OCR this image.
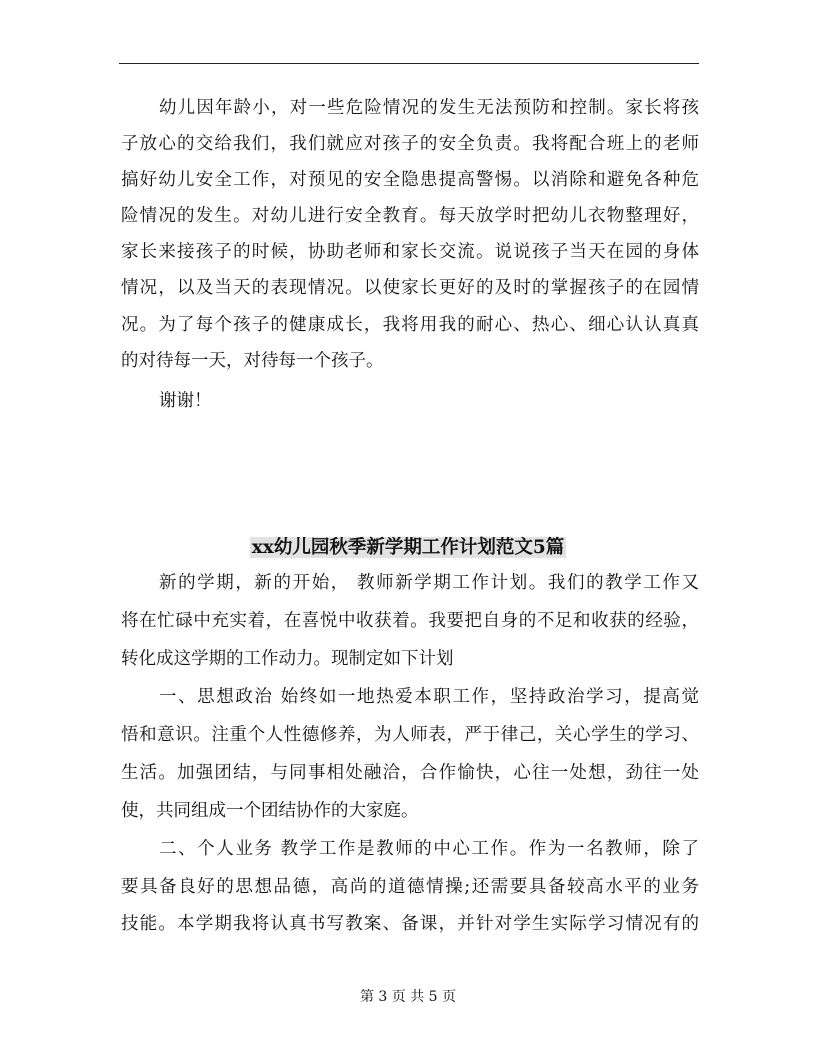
幼儿因年龄小，对一些危险情况的发生无法预防和控制。家长将孩
子放心的交给我们，我们就应对孩子的安全负责。我将配合班上的老师
搞好幼儿安全工作，对预见的安全隐患提高警惕。以消除和避免各种危
险情况的发生。对幼儿进行安全教育。每天放学时把幼儿衣物整理好，
家长来接孩子的时候，协助老师和家长交流。说说孩子当天在园的身体
情况，以及当天的表现情况。以使家长更好的及时的掌握孩子的在园情
况。为了每个孩子的健康成长，我将用我的耐心、热心、细心认认真真
的对待每一天，对待每一个孩子。
谢谢！
xx幼儿园秋季新学期工作计划范文5篇
新的学期，新的开始， 教师新学期工作计划。我们的教学工作又
将在忙碌中充实着，在喜悦中收获着。我要把自身的不足和收获的经验，
转化成这学期的工作动力。现制定如下计划
一、思想政治 始终如一地热爱本职工作，坚持政治学习，提高觉
悟和意识。注重个人性德修养，为人师表，严于律己，关心学生的学习、
生活。加强团结，与同事相处融洽，合作愉快，心往一处想，劲往一处
使，共同组成一个团结协作的大家庭。
二、个人业务 教学工作是教师的中心工作。作为一名教师，除了
要具备良好的思想品德，高尚的道德情操;还需要具备较高水平的业务
技能。本学期我将认真书写教案、备课，并针对学生实际学习情况有的
第 3 页 共 5 页
